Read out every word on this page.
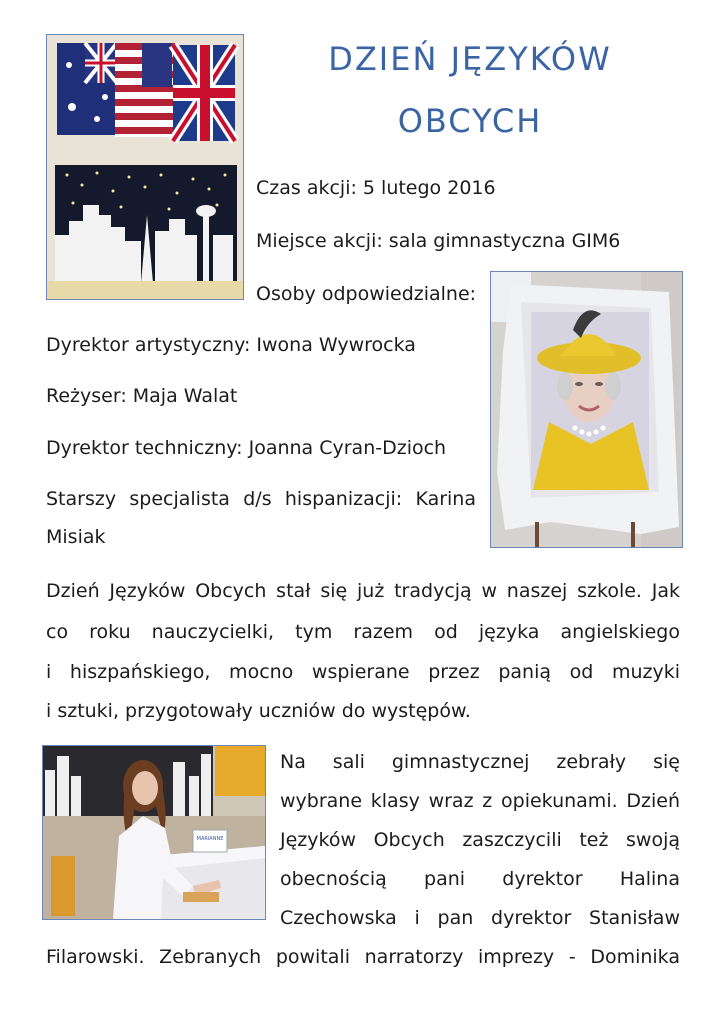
DZIEŃ JĘZYKÓW
OBCYCH
Czas akcji: 5 lutego 2016
Miejsce akcji: sala gimnastyczna GIM6
Osoby odpowiedzialne:
Dyrektor artystyczny: Iwona Wywrocka
Reżyser: Maja Walat
Dyrektor techniczny: Joanna Cyran-Dzioch
Starszy specjalista d/s hispanizacji: Karina
Misiak
Dzień Języków Obcych stał się już tradycją w naszej szkole. Jak
co roku nauczycielki, tym razem od języka angielskiego
i hiszpańskiego, mocno wspierane przez panią od muzyki
i sztuki, przygotowały uczniów do występów.
MARIANNE
Na sali gimnastycznej zebrały się
wybrane klasy wraz z opiekunami. Dzień
Języków Obcych zaszczycili też swoją
obecnością pani dyrektor Halina
Czechowska i pan dyrektor Stanisław
Filarowski. Zebranych powitali narratorzy imprezy - Dominika
